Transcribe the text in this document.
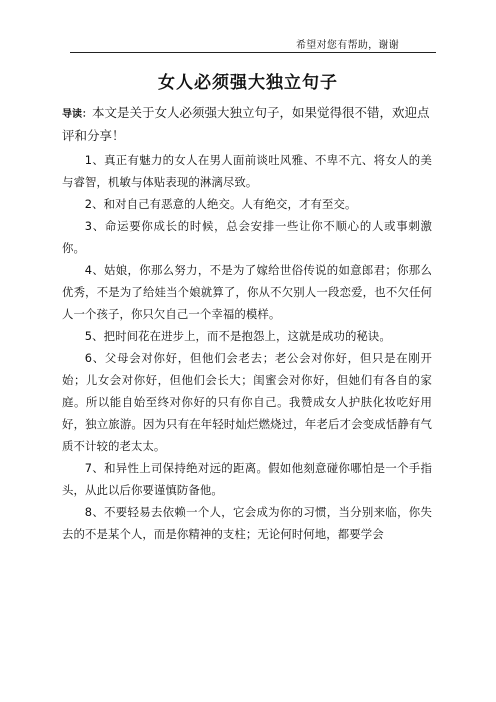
希望对您有帮助，谢谢
女人必须强大独立句子

导读：本文是关于女人必须强大独立句子，如果觉得很不错，欢迎点评和分享！

1、真正有魅力的女人在男人面前谈吐风雅、不卑不亢、将女人的美与睿智，机敏与体贴表现的淋漓尽致。

2、和对自己有恶意的人绝交。人有绝交，才有至交。

3、命运要你成长的时候，总会安排一些让你不顺心的人或事刺激你。

4、姑娘，你那么努力，不是为了嫁给世俗传说的如意郎君；你那么优秀，不是为了给娃当个娘就算了，你从不欠别人一段恋爱，也不欠任何人一个孩子，你只欠自己一个幸福的模样。

5、把时间花在进步上，而不是抱怨上，这就是成功的秘诀。

6、父母会对你好，但他们会老去；老公会对你好，但只是在刚开始；儿女会对你好，但他们会长大；闺蜜会对你好，但她们有各自的家庭。所以能自始至终对你好的只有你自己。我赞成女人护肤化妆吃好用好，独立旅游。因为只有在年轻时灿烂燃烧过，年老后才会变成恬静有气质不计较的老太太。

7、和异性上司保持绝对远的距离。假如他刻意碰你哪怕是一个手指头，从此以后你要谨慎防备他。

8、不要轻易去依赖一个人，它会成为你的习惯，当分别来临，你失去的不是某个人，而是你精神的支柱；无论何时何地，都要学会
